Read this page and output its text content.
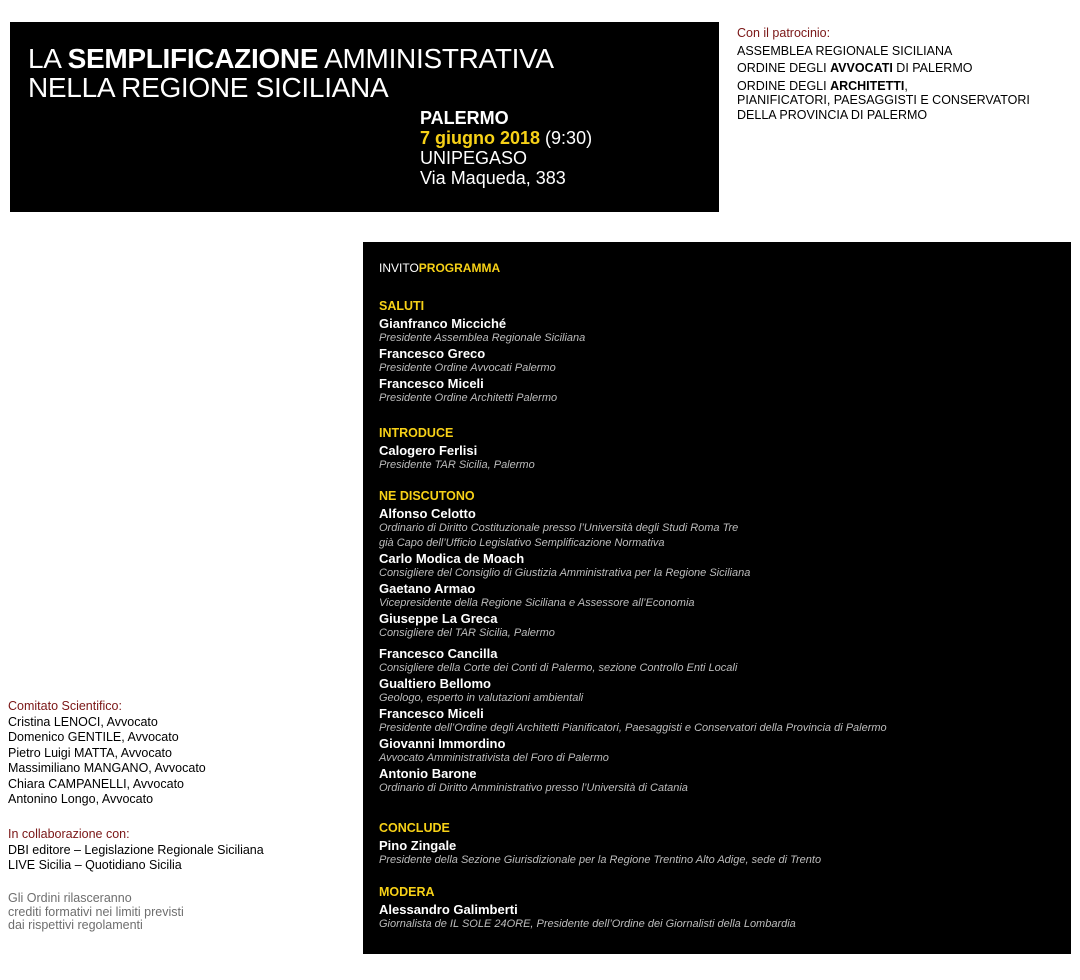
LA SEMPLIFICAZIONE AMMINISTRATIVA
NELLA REGIONE SICILIANA
PALERMO
7 giugno 2018 (9:30)
UNIPEGASO
Via Maqueda, 383
Con il patrocinio:
ASSEMBLEA REGIONALE SICILIANA
ORDINE DEGLI AVVOCATI DI PALERMO
ORDINE DEGLI ARCHITETTI,
PIANIFICATORI, PAESAGGISTI E CONSERVATORI
DELLA PROVINCIA DI PALERMO
INVITOPROGRAMMA
SALUTI
Gianfranco Micciché
Presidente Assemblea Regionale Siciliana
Francesco Greco
Presidente Ordine Avvocati Palermo
Francesco Miceli
Presidente Ordine Architetti Palermo
INTRODUCE
Calogero Ferlisi
Presidente TAR Sicilia, Palermo
NE DISCUTONO
Alfonso Celotto
Ordinario di Diritto Costituzionale presso l’Università degli Studi Roma Tre
già Capo dell’Ufficio Legislativo Semplificazione Normativa
Carlo Modica de Moach
Consigliere del Consiglio di Giustizia Amministrativa per la Regione Siciliana
Gaetano Armao
Vicepresidente della Regione Siciliana e Assessore all’Economia
Giuseppe La Greca
Consigliere del TAR Sicilia, Palermo
Francesco Cancilla
Consigliere della Corte dei Conti di Palermo, sezione Controllo Enti Locali
Gualtiero Bellomo
Geologo, esperto in valutazioni ambientali
Francesco Miceli
Presidente dell’Ordine degli Architetti Pianificatori, Paesaggisti e Conservatori della Provincia di Palermo
Giovanni Immordino
Avvocato Amministrativista del Foro di Palermo
Antonio Barone
Ordinario di Diritto Amministrativo presso l’Università di Catania
CONCLUDE
Pino Zingale
Presidente della Sezione Giurisdizionale per la Regione Trentino Alto Adige, sede di Trento
MODERA
Alessandro Galimberti
Giornalista de IL SOLE 24ORE, Presidente dell’Ordine dei Giornalisti della Lombardia
Comitato Scientifico:
Cristina LENOCI, Avvocato
Domenico GENTILE, Avvocato
Pietro Luigi MATTA, Avvocato
Massimiliano MANGANO, Avvocato
Chiara CAMPANELLI, Avvocato
Antonino Longo, Avvocato
In collaborazione con:
DBI editore – Legislazione Regionale Siciliana
LIVE Sicilia – Quotidiano Sicilia
Gli Ordini rilasceranno
crediti formativi nei limiti previsti
dai rispettivi regolamenti
